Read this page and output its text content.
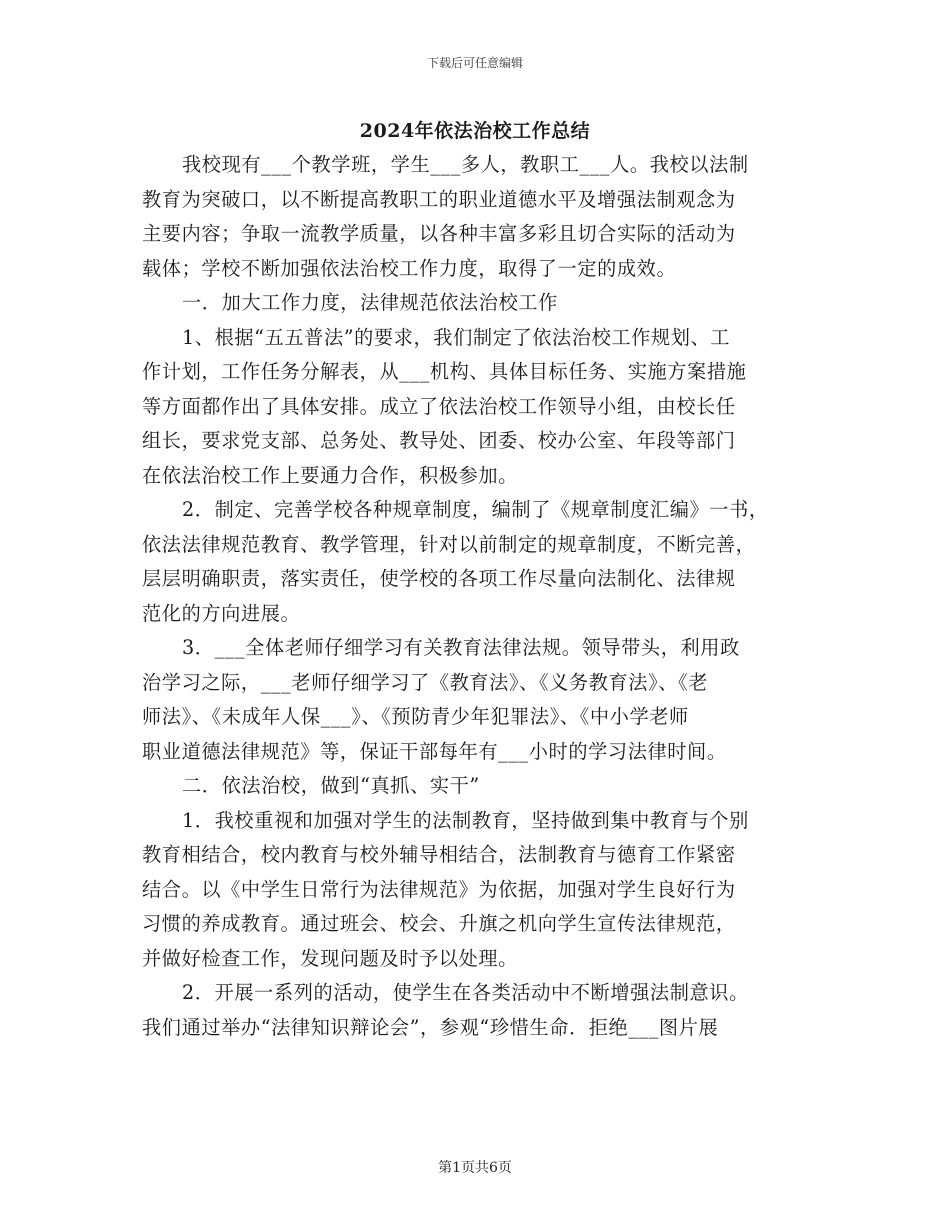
下载后可任意编辑
2024年依法治校工作总结
我校现有___个教学班，学生___多人，教职工___人。我校以法制
教育为突破口，以不断提高教职工的职业道德水平及增强法制观念为
主要内容；争取一流教学质量，以各种丰富多彩且切合实际的活动为
载体；学校不断加强依法治校工作力度，取得了一定的成效。
一．加大工作力度，法律规范依法治校工作
1、根据“五五普法”的要求，我们制定了依法治校工作规划、工
作计划，工作任务分解表，从___机构、具体目标任务、实施方案措施
等方面都作出了具体安排。成立了依法治校工作领导小组，由校长任
组长，要求党支部、总务处、教导处、团委、校办公室、年段等部门
在依法治校工作上要通力合作，积极参加。
2．制定、完善学校各种规章制度，编制了《规章制度汇编》一书，
依法法律规范教育、教学管理，针对以前制定的规章制度，不断完善，
层层明确职责，落实责任，使学校的各项工作尽量向法制化、法律规
范化的方向进展。
3．___全体老师仔细学习有关教育法律法规。领导带头，利用政
治学习之际，___老师仔细学习了《教育法》、《义务教育法》、《老
师法》、《未成年人保___》、《预防青少年犯罪法》、《中小学老师
职业道德法律规范》等，保证干部每年有___小时的学习法律时间。
二．依法治校，做到“真抓、实干”
1．我校重视和加强对学生的法制教育，坚持做到集中教育与个别
教育相结合，校内教育与校外辅导相结合，法制教育与德育工作紧密
结合。以《中学生日常行为法律规范》为依据，加强对学生良好行为
习惯的养成教育。通过班会、校会、升旗之机向学生宣传法律规范，
并做好检查工作，发现问题及时予以处理。
2．开展一系列的活动，使学生在各类活动中不断增强法制意识。
我们通过举办“法律知识辩论会”，参观“珍惜生命．拒绝___图片展
第1页共6页
